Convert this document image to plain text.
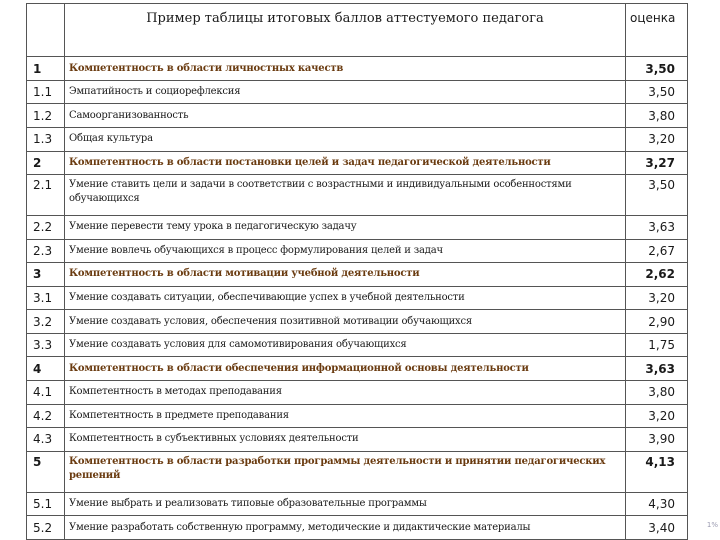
	Пример таблицы итоговых баллов аттестуемого педагога	оценка
1	Компетентность в области личностных качеств	3,50
1.1	Эмпатийность и социорефлексия	3,50
1.2	Самоорганизованность	3,80
1.3	Общая культура	3,20
2	Компетентность в области постановки целей и задач педагогической деятельности	3,27
2.1	Умение ставить цели и задачи в соответствии с возрастными и индивидуальными особенностями обучающихся	3,50
2.2	Умение перевести тему урока в педагогическую задачу	3,63
2.3	Умение вовлечь обучающихся в процесс формулирования целей и задач	2,67
3	Компетентность в области мотивации учебной деятельности	2,62
3.1	Умение создавать ситуации, обеспечивающие успех в учебной деятельности	3,20
3.2	Умение создавать условия, обеспечения позитивной мотивации обучающихся	2,90
3.3	Умение создавать условия для самомотивирования обучающихся	1,75
4	Компетентность в области обеспечения информационной основы деятельности	3,63
4.1	Компетентность в методах преподавания	3,80
4.2	Компетентность в предмете преподавания	3,20
4.3	Компетентность в субъективных условиях деятельности	3,90
5	Компетентность в области разработки программы деятельности и принятии педагогических решений	4,13
5.1	Умение выбрать и реализовать типовые образовательные программы	4,30
5.2	Умение разработать собственную программу, методические и дидактические материалы	3,40	1%
